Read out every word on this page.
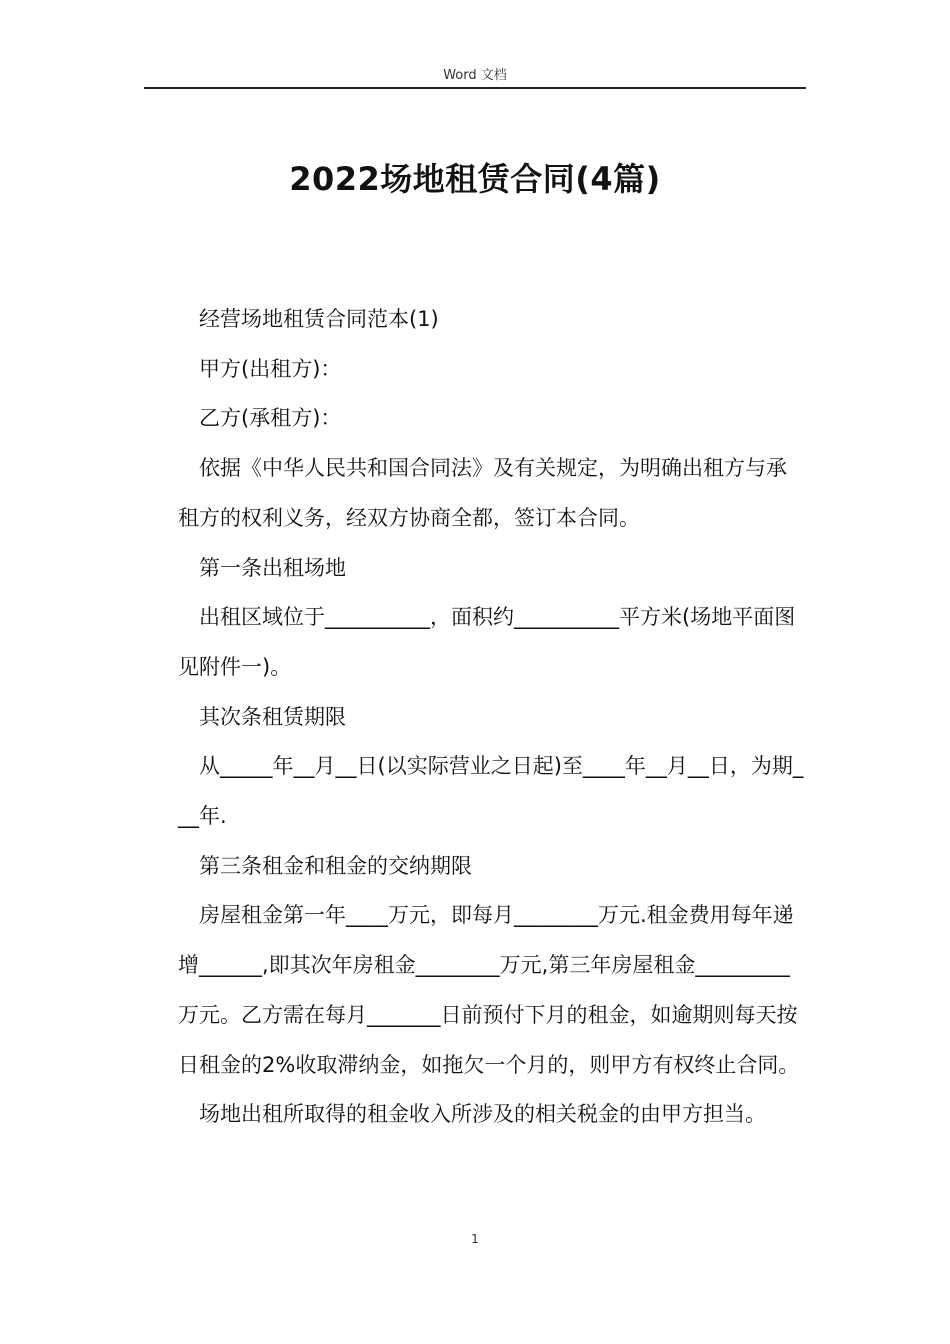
Word 文档
2022场地租赁合同(4篇)

经营场地租赁合同范本(1)

甲方(出租方)：

乙方(承租方)：

依据《中华人民共和国合同法》及有关规定，为明确出租方与承租方的权利义务，经双方协商全都，签订本合同。

第一条出租场地

出租区域位于__________，面积约__________平方米(场地平面图见附件一)。

其次条租赁期限

从_____年__月__日(以实际营业之日起)至____年__月__日，为期___年.

第三条租金和租金的交纳期限

房屋租金第一年____万元，即每月________万元.租金费用每年递增______,即其次年房租金________万元,第三年房屋租金_________万元。乙方需在每月_______日前预付下月的租金，如逾期则每天按日租金的2%收取滞纳金，如拖欠一个月的，则甲方有权终止合同。

场地出租所取得的租金收入所涉及的相关税金的由甲方担当。

1
